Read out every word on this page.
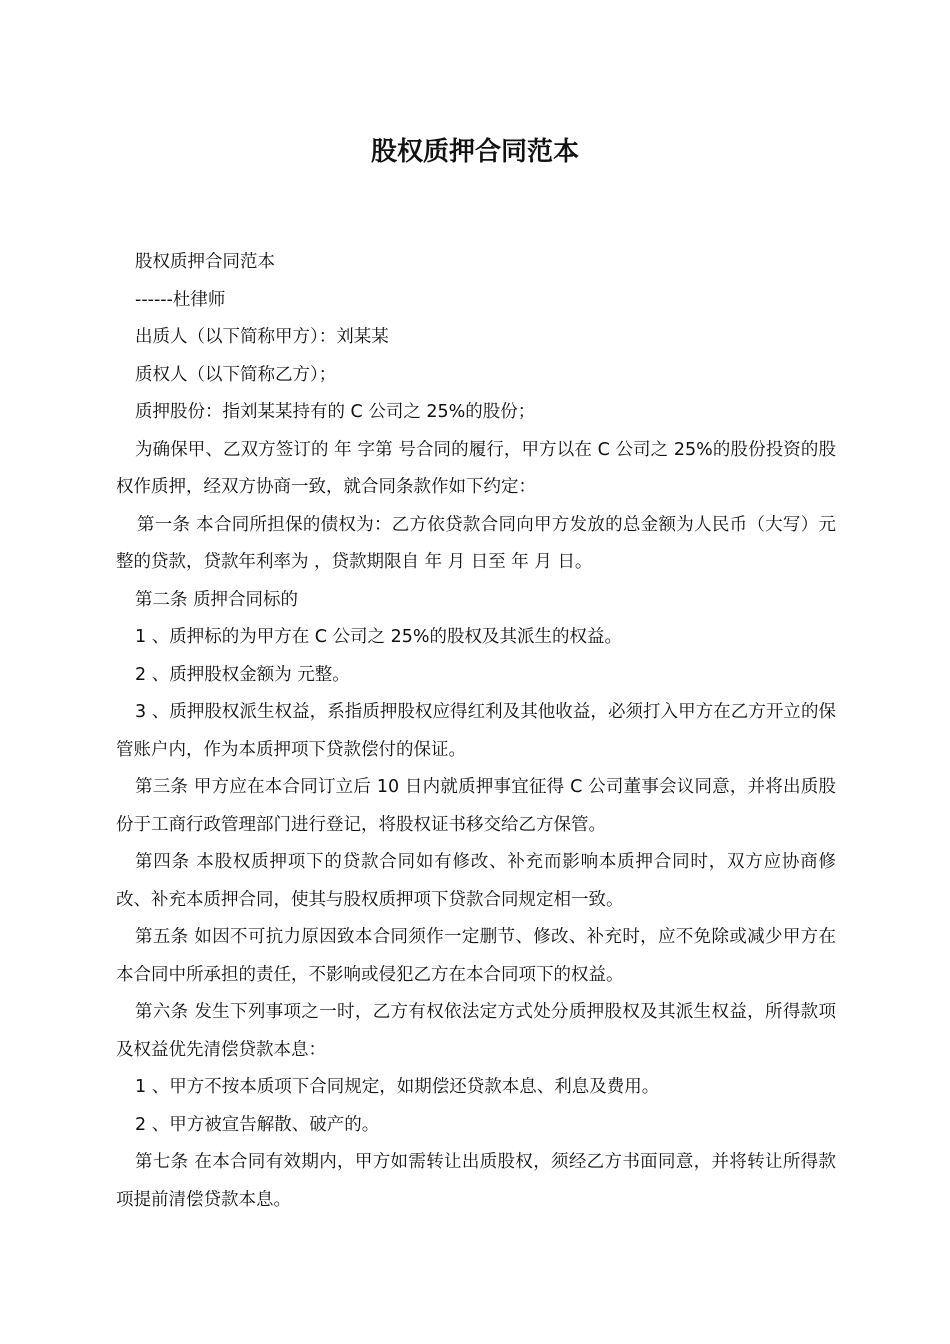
股权质押合同范本

股权质押合同范本

------杜律师

出质人（以下简称甲方）：刘某某

质权人（以下简称乙方）；

质押股份：指刘某某持有的 C 公司之 25%的股份；

为确保甲、乙双方签订的 年 字第 号合同的履行，甲方以在 C 公司之 25%的股份投资的股权作质押，经双方协商一致，就合同条款作如下约定：

第一条 本合同所担保的债权为：乙方依贷款合同向甲方发放的总金额为人民币（大写）元整的贷款，贷款年利率为 ，贷款期限自 年 月 日至 年 月 日。

第二条 质押合同标的

1 、质押标的为甲方在 C 公司之 25%的股权及其派生的权益。

2 、质押股权金额为 元整。

3 、质押股权派生权益，系指质押股权应得红利及其他收益，必须打入甲方在乙方开立的保管账户内，作为本质押项下贷款偿付的保证。

第三条 甲方应在本合同订立后 10 日内就质押事宜征得 C 公司董事会议同意，并将出质股份于工商行政管理部门进行登记，将股权证书移交给乙方保管。

第四条 本股权质押项下的贷款合同如有修改、补充而影响本质押合同时，双方应协商修改、补充本质押合同，使其与股权质押项下贷款合同规定相一致。

第五条 如因不可抗力原因致本合同须作一定删节、修改、补充时，应不免除或减少甲方在本合同中所承担的责任，不影响或侵犯乙方在本合同项下的权益。

第六条 发生下列事项之一时，乙方有权依法定方式处分质押股权及其派生权益，所得款项及权益优先清偿贷款本息：

1 、甲方不按本质项下合同规定，如期偿还贷款本息、利息及费用。

2 、甲方被宣告解散、破产的。

第七条 在本合同有效期内，甲方如需转让出质股权，须经乙方书面同意，并将转让所得款项提前清偿贷款本息。
